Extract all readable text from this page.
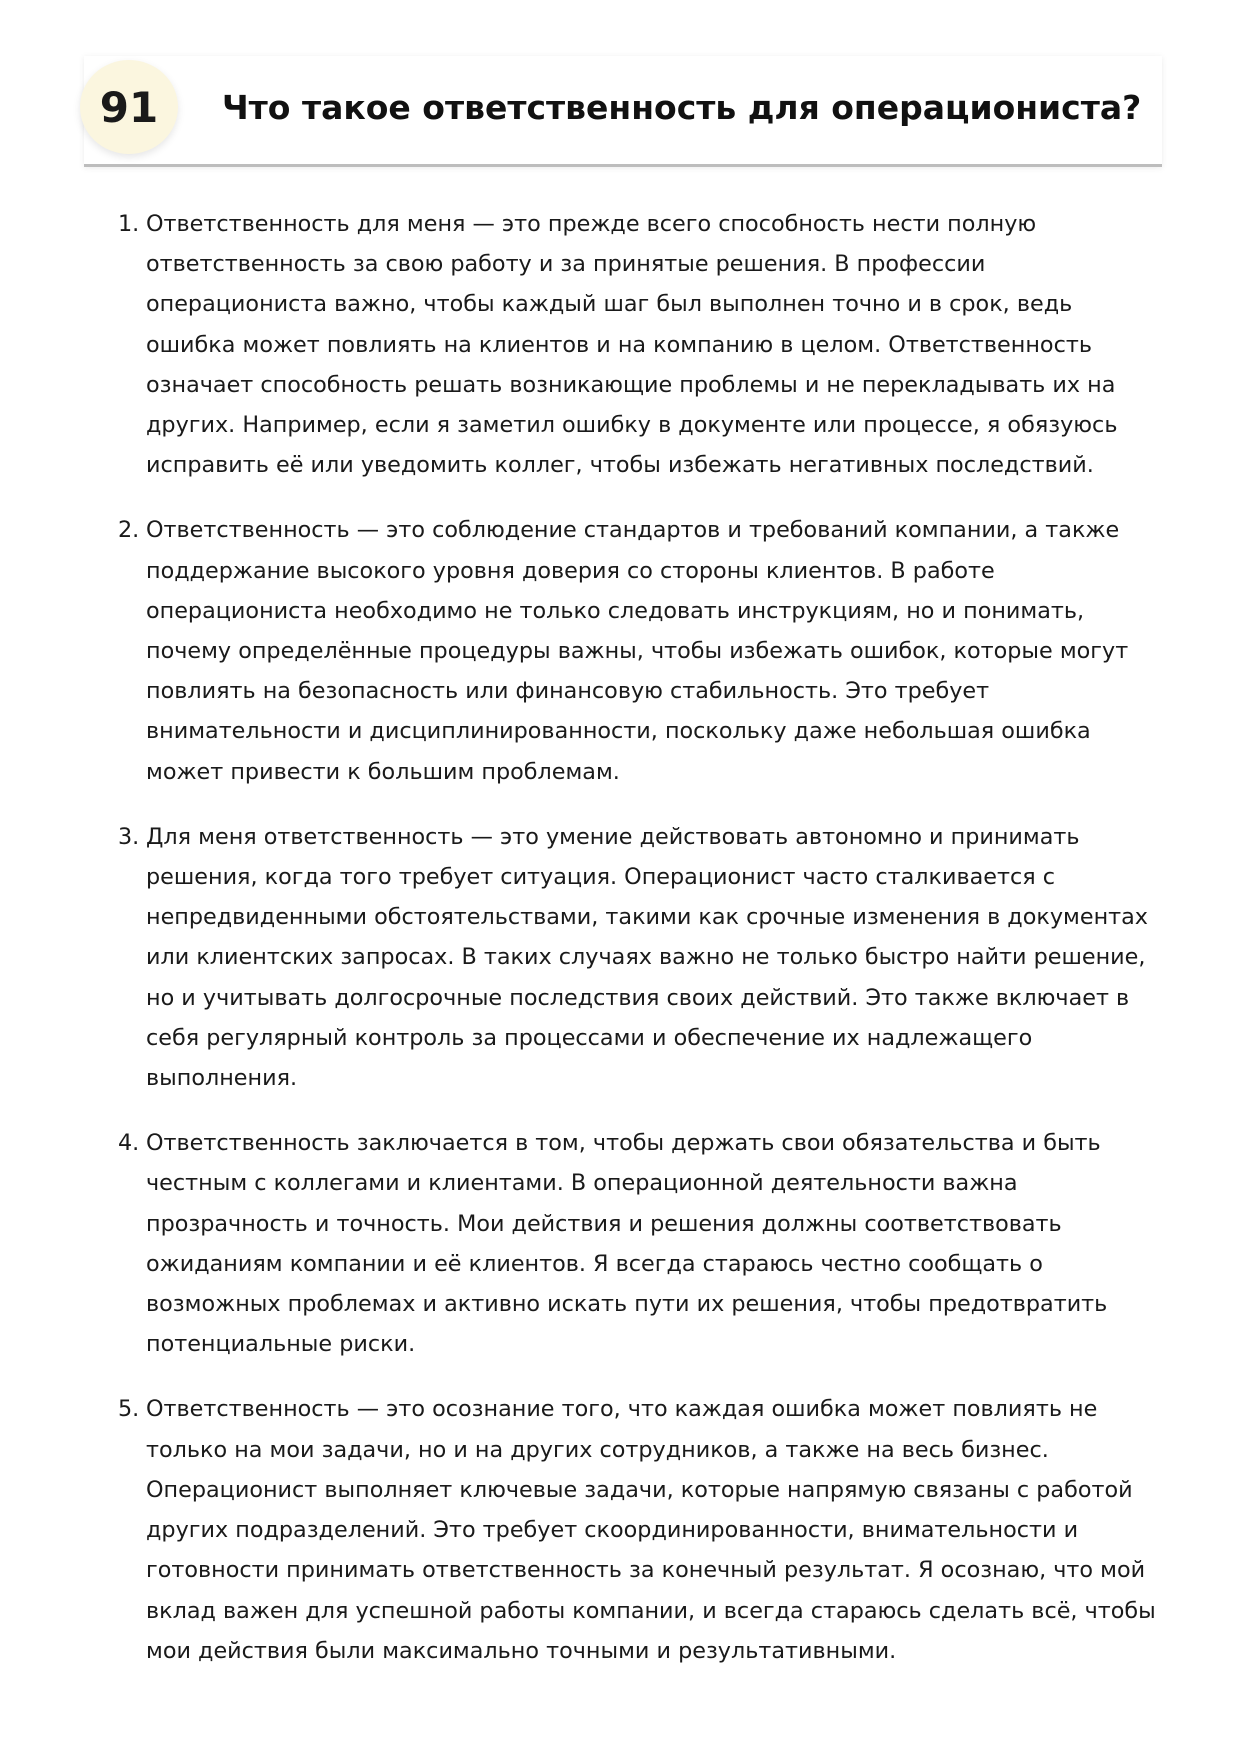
91	Что такое ответственность для операциониста?
1. Ответственность для меня — это прежде всего способность нести полную ответственность за свою работу и за принятые решения. В профессии операциониста важно, чтобы каждый шаг был выполнен точно и в срок, ведь ошибка может повлиять на клиентов и на компанию в целом. Ответственность означает способность решать возникающие проблемы и не перекладывать их на других. Например, если я заметил ошибку в документе или процессе, я обязуюсь исправить её или уведомить коллег, чтобы избежать негативных последствий.
2. Ответственность — это соблюдение стандартов и требований компании, а также поддержание высокого уровня доверия со стороны клиентов. В работе операциониста необходимо не только следовать инструкциям, но и понимать, почему определённые процедуры важны, чтобы избежать ошибок, которые могут повлиять на безопасность или финансовую стабильность. Это требует внимательности и дисциплинированности, поскольку даже небольшая ошибка может привести к большим проблемам.
3. Для меня ответственность — это умение действовать автономно и принимать решения, когда того требует ситуация. Операционист часто сталкивается с непредвиденными обстоятельствами, такими как срочные изменения в документах или клиентских запросах. В таких случаях важно не только быстро найти решение, но и учитывать долгосрочные последствия своих действий. Это также включает в себя регулярный контроль за процессами и обеспечение их надлежащего выполнения.
4. Ответственность заключается в том, чтобы держать свои обязательства и быть честным с коллегами и клиентами. В операционной деятельности важна прозрачность и точность. Мои действия и решения должны соответствовать ожиданиям компании и её клиентов. Я всегда стараюсь честно сообщать о возможных проблемах и активно искать пути их решения, чтобы предотвратить потенциальные риски.
5. Ответственность — это осознание того, что каждая ошибка может повлиять не только на мои задачи, но и на других сотрудников, а также на весь бизнес. Операционист выполняет ключевые задачи, которые напрямую связаны с работой других подразделений. Это требует скоординированности, внимательности и готовности принимать ответственность за конечный результат. Я осознаю, что мой вклад важен для успешной работы компании, и всегда стараюсь сделать всё, чтобы мои действия были максимально точными и результативными.
